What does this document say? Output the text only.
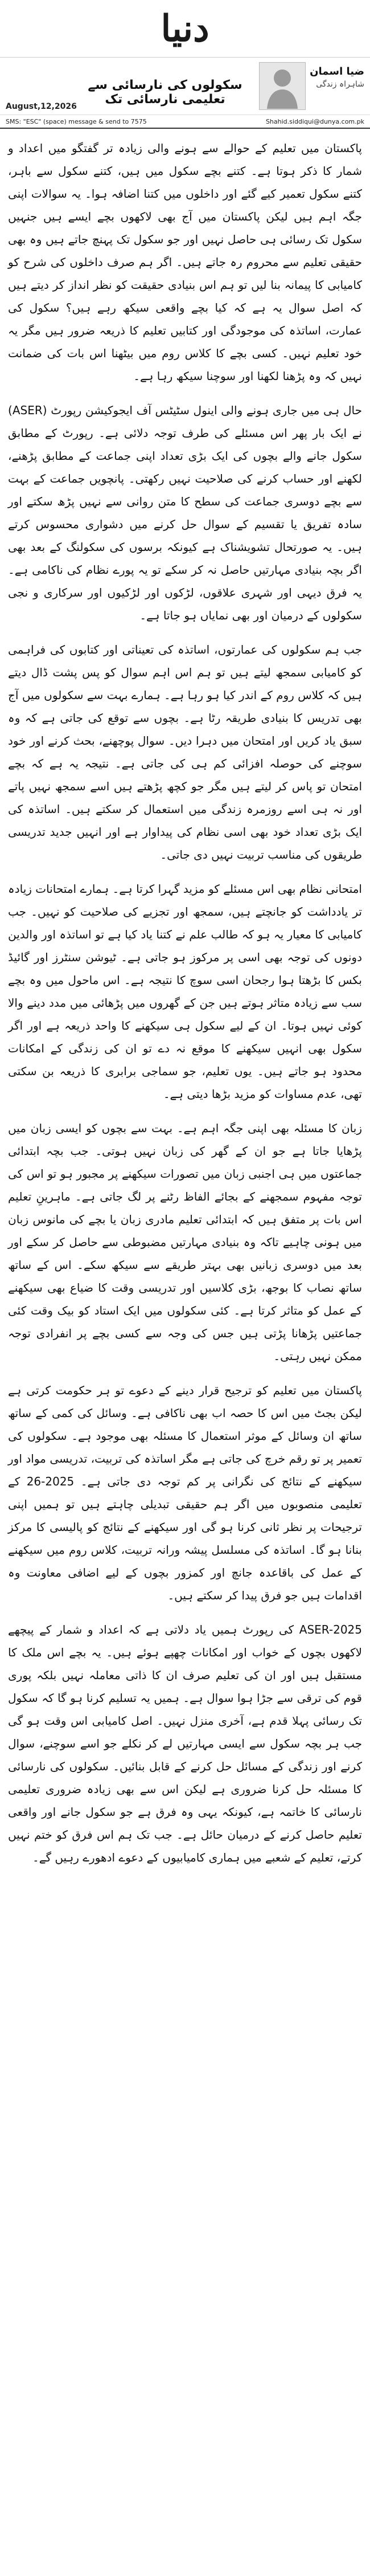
دنیا
سکولوں کی نارسائی سے تعلیمی نارسائی تک
ضیا اسمان
شاہراہ زندگی
August,12,2026
SMS: "ESC" (space) message & send to 7575	Shahid.siddiqui@dunya.com.pk

پاکستان میں تعلیم کے حوالے سے ہونے والی زیادہ تر گفتگو میں اعداد و شمار کا ذکر ہوتا ہے۔ کتنے بچے سکول میں ہیں، کتنے سکول سے باہر، کتنے سکول تعمیر کیے گئے اور داخلوں میں کتنا اضافہ ہوا۔ یہ سوالات اپنی جگہ اہم ہیں لیکن پاکستان میں آج بھی لاکھوں بچے ایسے ہیں جنہیں سکول تک رسائی ہی حاصل نہیں اور جو سکول تک پہنچ جاتے ہیں وہ بھی حقیقی تعلیم سے محروم رہ جاتے ہیں۔ اگر ہم صرف داخلوں کی شرح کو کامیابی کا پیمانہ بنا لیں تو ہم اس بنیادی حقیقت کو نظر انداز کر دیتے ہیں کہ اصل سوال یہ ہے کہ کیا بچے واقعی سیکھ رہے ہیں؟ سکول کی عمارت، اساتذہ کی موجودگی اور کتابیں تعلیم کا ذریعہ ضرور ہیں مگر یہ خود تعلیم نہیں۔ کسی بچے کا کلاس روم میں بیٹھنا اس بات کی ضمانت نہیں کہ وہ پڑھنا لکھنا اور سوچنا سیکھ رہا ہے۔

حال ہی میں جاری ہونے والی اینول سٹیٹس آف ایجوکیشن رپورٹ (ASER) نے ایک بار پھر اس مسئلے کی طرف توجہ دلائی ہے۔ رپورٹ کے مطابق سکول جانے والے بچوں کی ایک بڑی تعداد اپنی جماعت کے مطابق پڑھنے، لکھنے اور حساب کرنے کی صلاحیت نہیں رکھتی۔ پانچویں جماعت کے بہت سے بچے دوسری جماعت کی سطح کا متن روانی سے نہیں پڑھ سکتے اور سادہ تفریق یا تقسیم کے سوال حل کرنے میں دشواری محسوس کرتے ہیں۔ یہ صورتحال تشویشناک ہے کیونکہ برسوں کی سکولنگ کے بعد بھی اگر بچہ بنیادی مہارتیں حاصل نہ کر سکے تو یہ پورے نظام کی ناکامی ہے۔ یہ فرق دیہی اور شہری علاقوں، لڑکوں اور لڑکیوں اور سرکاری و نجی سکولوں کے درمیان اور بھی نمایاں ہو جاتا ہے۔

جب ہم سکولوں کی عمارتوں، اساتذہ کی تعیناتی اور کتابوں کی فراہمی کو کامیابی سمجھ لیتے ہیں تو ہم اس اہم سوال کو پس پشت ڈال دیتے ہیں کہ کلاس روم کے اندر کیا ہو رہا ہے۔ ہمارے بہت سے سکولوں میں آج بھی تدریس کا بنیادی طریقہ رٹا ہے۔ بچوں سے توقع کی جاتی ہے کہ وہ سبق یاد کریں اور امتحان میں دہرا دیں۔ سوال پوچھنے، بحث کرنے اور خود سوچنے کی حوصلہ افزائی کم ہی کی جاتی ہے۔ نتیجہ یہ ہے کہ بچے امتحان تو پاس کر لیتے ہیں مگر جو کچھ پڑھتے ہیں اسے سمجھ نہیں پاتے اور نہ ہی اسے روزمرہ زندگی میں استعمال کر سکتے ہیں۔ اساتذہ کی ایک بڑی تعداد خود بھی اسی نظام کی پیداوار ہے اور انہیں جدید تدریسی طریقوں کی مناسب تربیت نہیں دی جاتی۔

امتحانی نظام بھی اس مسئلے کو مزید گہرا کرتا ہے۔ ہمارے امتحانات زیادہ تر یادداشت کو جانچتے ہیں، سمجھ اور تجزیے کی صلاحیت کو نہیں۔ جب کامیابی کا معیار یہ ہو کہ طالب علم نے کتنا یاد کیا ہے تو اساتذہ اور والدین دونوں کی توجہ بھی اسی پر مرکوز ہو جاتی ہے۔ ٹیوشن سنٹرز اور گائیڈ بکس کا بڑھتا ہوا رجحان اسی سوچ کا نتیجہ ہے۔ اس ماحول میں وہ بچے سب سے زیادہ متاثر ہوتے ہیں جن کے گھروں میں پڑھائی میں مدد دینے والا کوئی نہیں ہوتا۔ ان کے لیے سکول ہی سیکھنے کا واحد ذریعہ ہے اور اگر سکول بھی انہیں سیکھنے کا موقع نہ دے تو ان کی زندگی کے امکانات محدود ہو جاتے ہیں۔ یوں تعلیم، جو سماجی برابری کا ذریعہ بن سکتی تھی، عدم مساوات کو مزید بڑھا دیتی ہے۔

زبان کا مسئلہ بھی اپنی جگہ اہم ہے۔ بہت سے بچوں کو ایسی زبان میں پڑھایا جاتا ہے جو ان کے گھر کی زبان نہیں ہوتی۔ جب بچہ ابتدائی جماعتوں میں ہی اجنبی زبان میں تصورات سیکھنے پر مجبور ہو تو اس کی توجہ مفہوم سمجھنے کے بجائے الفاظ رٹنے پر لگ جاتی ہے۔ ماہرینِ تعلیم اس بات پر متفق ہیں کہ ابتدائی تعلیم مادری زبان یا بچے کی مانوس زبان میں ہونی چاہیے تاکہ وہ بنیادی مہارتیں مضبوطی سے حاصل کر سکے اور بعد میں دوسری زبانیں بھی بہتر طریقے سے سیکھ سکے۔ اس کے ساتھ ساتھ نصاب کا بوجھ، بڑی کلاسیں اور تدریسی وقت کا ضیاع بھی سیکھنے کے عمل کو متاثر کرتا ہے۔ کئی سکولوں میں ایک استاد کو بیک وقت کئی جماعتیں پڑھانا پڑتی ہیں جس کی وجہ سے کسی بچے پر انفرادی توجہ ممکن نہیں رہتی۔

پاکستان میں تعلیم کو ترجیح قرار دینے کے دعوے تو ہر حکومت کرتی ہے لیکن بجٹ میں اس کا حصہ اب بھی ناکافی ہے۔ وسائل کی کمی کے ساتھ ساتھ ان وسائل کے موثر استعمال کا مسئلہ بھی موجود ہے۔ سکولوں کی تعمیر پر تو رقم خرچ کی جاتی ہے مگر اساتذہ کی تربیت، تدریسی مواد اور سیکھنے کے نتائج کی نگرانی پر کم توجہ دی جاتی ہے۔ 2025-26 کے تعلیمی منصوبوں میں اگر ہم حقیقی تبدیلی چاہتے ہیں تو ہمیں اپنی ترجیحات پر نظر ثانی کرنا ہو گی اور سیکھنے کے نتائج کو پالیسی کا مرکز بنانا ہو گا۔ اساتذہ کی مسلسل پیشہ ورانہ تربیت، کلاس روم میں سیکھنے کے عمل کی باقاعدہ جانچ اور کمزور بچوں کے لیے اضافی معاونت وہ اقدامات ہیں جو فرق پیدا کر سکتے ہیں۔

ASER-2025 کی رپورٹ ہمیں یاد دلاتی ہے کہ اعداد و شمار کے پیچھے لاکھوں بچوں کے خواب اور امکانات چھپے ہوئے ہیں۔ یہ بچے اس ملک کا مستقبل ہیں اور ان کی تعلیم صرف ان کا ذاتی معاملہ نہیں بلکہ پوری قوم کی ترقی سے جڑا ہوا سوال ہے۔ ہمیں یہ تسلیم کرنا ہو گا کہ سکول تک رسائی پہلا قدم ہے، آخری منزل نہیں۔ اصل کامیابی اس وقت ہو گی جب ہر بچہ سکول سے ایسی مہارتیں لے کر نکلے جو اسے سوچنے، سوال کرنے اور زندگی کے مسائل حل کرنے کے قابل بنائیں۔ سکولوں کی نارسائی کا مسئلہ حل کرنا ضروری ہے لیکن اس سے بھی زیادہ ضروری تعلیمی نارسائی کا خاتمہ ہے، کیونکہ یہی وہ فرق ہے جو سکول جانے اور واقعی تعلیم حاصل کرنے کے درمیان حائل ہے۔ جب تک ہم اس فرق کو ختم نہیں کرتے، تعلیم کے شعبے میں ہماری کامیابیوں کے دعوے ادھورے رہیں گے۔
